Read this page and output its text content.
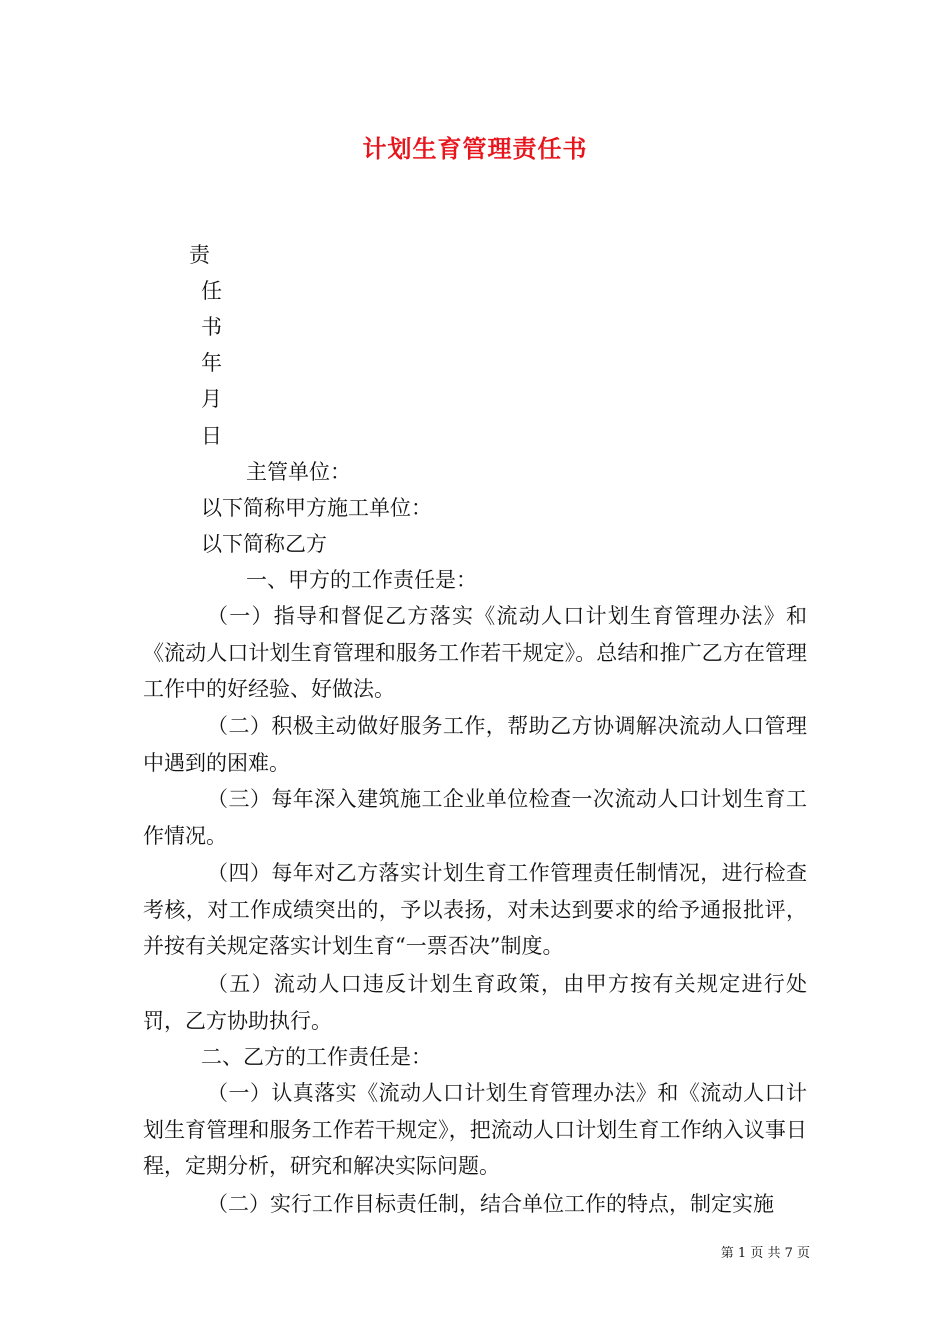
计划生育管理责任书
责
任
书
年
月
日
主管单位：
以下简称甲方施工单位：
以下简称乙方
一、甲方的工作责任是：
（一）指导和督促乙方落实《流动人口计划生育管理办法》和《流动人口计划生育管理和服务工作若干规定》。总结和推广乙方在管理工作中的好经验、好做法。
（二）积极主动做好服务工作，帮助乙方协调解决流动人口管理中遇到的困难。
（三）每年深入建筑施工企业单位检查一次流动人口计划生育工作情况。
（四）每年对乙方落实计划生育工作管理责任制情况，进行检查考核，对工作成绩突出的，予以表扬，对未达到要求的给予通报批评，并按有关规定落实计划生育“一票否决”制度。
（五）流动人口违反计划生育政策，由甲方按有关规定进行处罚，乙方协助执行。
二、乙方的工作责任是：
（一）认真落实《流动人口计划生育管理办法》和《流动人口计划生育管理和服务工作若干规定》，把流动人口计划生育工作纳入议事日程，定期分析，研究和解决实际问题。
（二）实行工作目标责任制，结合单位工作的特点，制定实施
第 1 页 共 7 页
